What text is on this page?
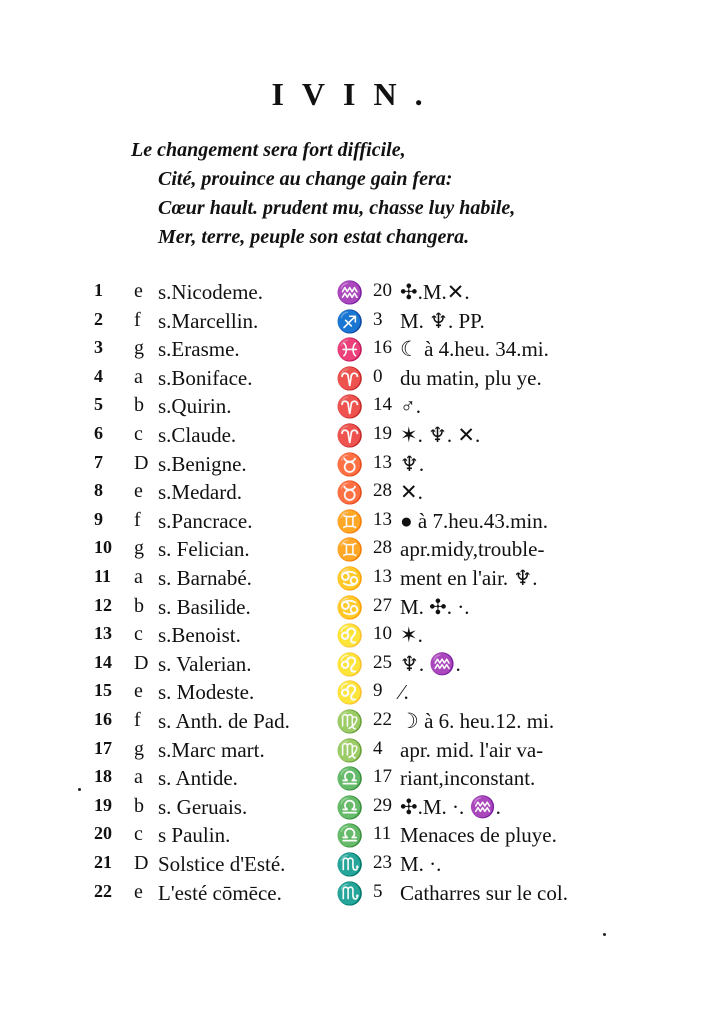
IVIN.
Le changement sera fort difficile,
Cité, prouince au change gain fera:
Cœur hault. prudent mu, chasse luy habile,
Mer, terre, peuple son estat changera.
1	e s.Nicodeme.	♒ 20 ✣.M.✕.
2	f s.Marcellin.	♐ 3 M. ♆. PP.
3	g s.Erasme.	♓ 16 ☾ à 4.heu. 34.mi.
4	a s.Boniface.	♈ 0 du matin, plu ye.
5	b s.Quirin.	♈ 14 ♂.
6	c s.Claude.	♈ 19 ✶. ♆. ✕.
7	D s.Benigne.	♉ 13 ♆.
8	e s.Medard.	♉ 28 ✕.
9	f s.Pancrace.	♊ 13 ● à 7.heu.43.min.
10	g s. Felician.	♊ 28 apr.midy,trouble-
11	a s. Barnabé.	♋ 13 ment en l'air. ♆.
12	b s. Basilide.	♋ 27 M. ✣. ·.
13	c s.Benoist.	♌ 10 ✶.
14	D s. Valerian.	♌ 25 ♆. ♒.
15	e s. Modeste.	♌ 9 ⁄.
16	f s. Anth. de Pad. ♍ 22 ☽ à 6. heu.12. mi.
17	g s.Marc mart.	♍ 4 apr. mid. l'air va-
18	a s. Antide.	♎ 17 riant,inconstant.
19	b s. Geruais.	♎ 29 ✣.M. ·. ♒.
20	c s Paulin.	♎ 11 Menaces de pluye.
21	D Solstice d'Esté. ♏ 23 M. ·.
22	e L'esté cōmēce. ♏ 5 Catharres sur le col.
